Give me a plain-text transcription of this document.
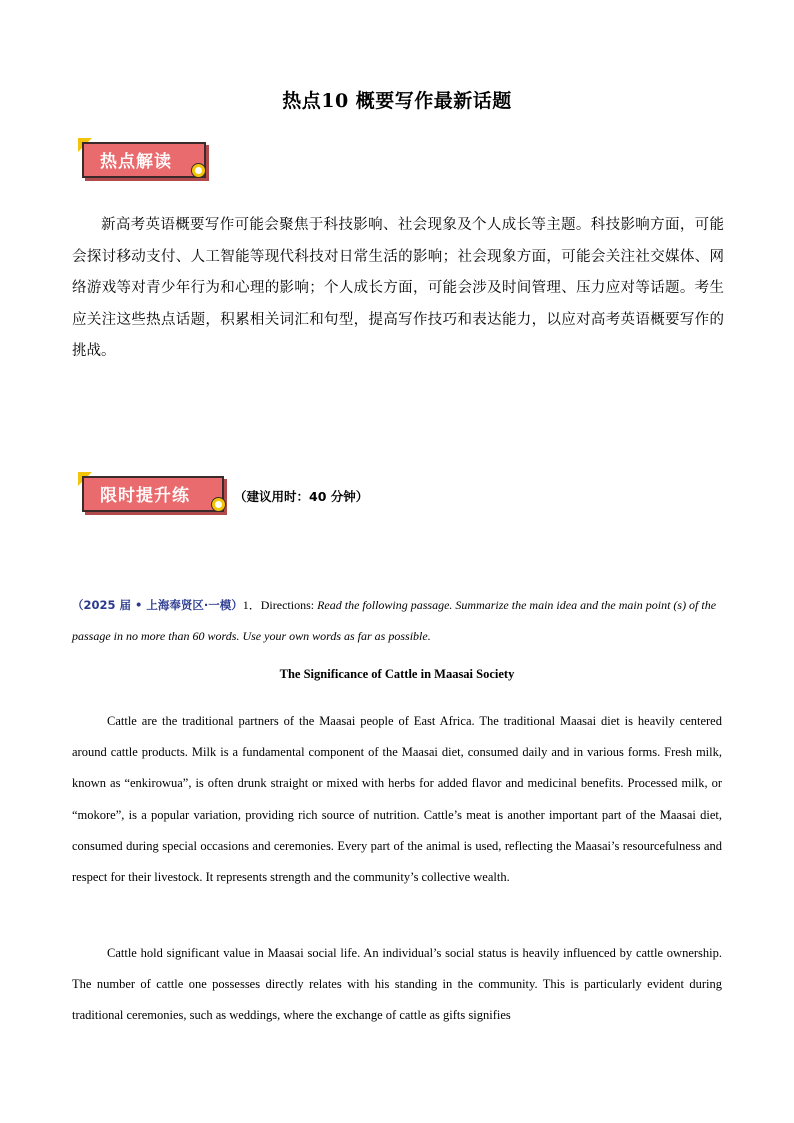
热点10 概要写作最新话题
热点解读
新高考英语概要写作可能会聚焦于科技影响、社会现象及个人成长等主题。科技影响方面，可能会探讨移动支付、人工智能等现代科技对日常生活的影响；社会现象方面，可能会关注社交媒体、网络游戏等对青少年行为和心理的影响；个人成长方面，可能会涉及时间管理、压力应对等话题。考生应关注这些热点话题，积累相关词汇和句型，提高写作技巧和表达能力，以应对高考英语概要写作的挑战。
限时提升练	（建议用时：40 分钟）
（2025 届 • 上海奉贤区·一模）1．Directions: Read the following passage. Summarize the main idea and the main point (s) of the passage in no more than 60 words. Use your own words as far as possible.
The Significance of Cattle in Maasai Society
Cattle are the traditional partners of the Maasai people of East Africa. The traditional Maasai diet is heavily centered around cattle products. Milk is a fundamental component of the Maasai diet, consumed daily and in various forms. Fresh milk, known as “enkirowua”, is often drunk straight or mixed with herbs for added flavor and medicinal benefits. Processed milk, or “mokore”, is a popular variation, providing rich source of nutrition. Cattle’s meat is another important part of the Maasai diet, consumed during special occasions and ceremonies. Every part of the animal is used, reflecting the Maasai’s resourcefulness and respect for their livestock. It represents strength and the community’s collective wealth.
Cattle hold significant value in Maasai social life. An individual’s social status is heavily influenced by cattle ownership. The number of cattle one possesses directly relates with his standing in the community. This is particularly evident during traditional ceremonies, such as weddings, where the exchange of cattle as gifts signifies
